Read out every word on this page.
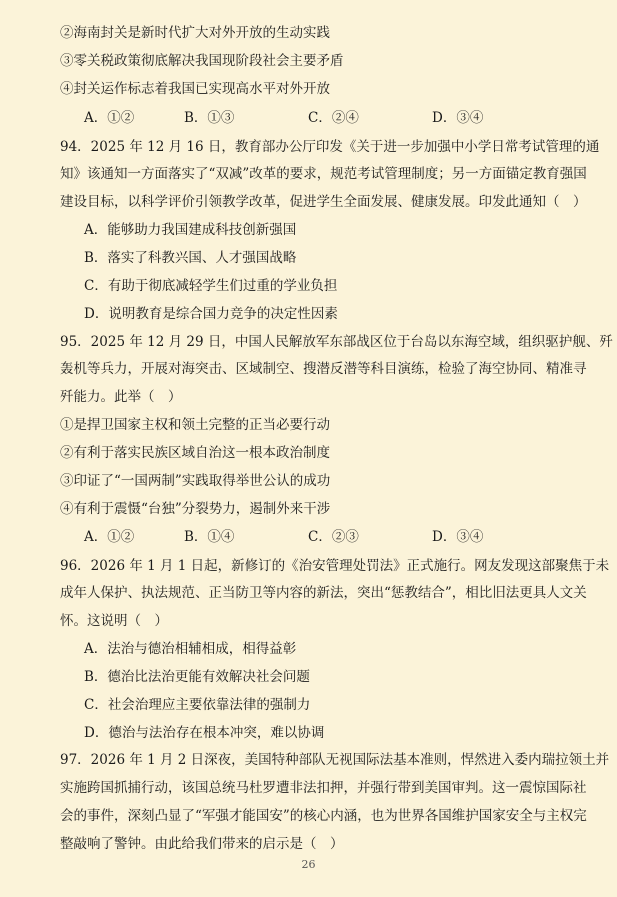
②海南封关是新时代扩大对外开放的生动实践
③零关税政策彻底解决我国现阶段社会主要矛盾
④封关运作标志着我国已实现高水平对外开放
A．①②	B．①③	C．②④	D．③④
94．2025 年 12 月 16 日，教育部办公厅印发《关于进一步加强中小学日常考试管理的通
知》该通知一方面落实了“双减”改革的要求，规范考试管理制度；另一方面锚定教育强国
建设目标，以科学评价引领教学改革，促进学生全面发展、健康发展。印发此通知（　）
A．能够助力我国建成科技创新强国
B．落实了科教兴国、人才强国战略
C．有助于彻底减轻学生们过重的学业负担
D．说明教育是综合国力竞争的决定性因素
95．2025 年 12 月 29 日，中国人民解放军东部战区位于台岛以东海空域，组织驱护舰、歼
轰机等兵力，开展对海突击、区域制空、搜潜反潜等科目演练，检验了海空协同、精准寻
歼能力。此举（　）
①是捍卫国家主权和领土完整的正当必要行动
②有利于落实民族区域自治这一根本政治制度
③印证了“一国两制”实践取得举世公认的成功
④有利于震慑“台独”分裂势力，遏制外来干涉
A．①②	B．①④	C．②③	D．③④
96．2026 年 1 月 1 日起，新修订的《治安管理处罚法》正式施行。网友发现这部聚焦于未
成年人保护、执法规范、正当防卫等内容的新法，突出“惩教结合”，相比旧法更具人文关
怀。这说明（　）
A．法治与德治相辅相成，相得益彰
B．德治比法治更能有效解决社会问题
C．社会治理应主要依靠法律的强制力
D．德治与法治存在根本冲突，难以协调
97．2026 年 1 月 2 日深夜，美国特种部队无视国际法基本准则，悍然进入委内瑞拉领土并
实施跨国抓捕行动，该国总统马杜罗遭非法扣押，并强行带到美国审判。这一震惊国际社
会的事件，深刻凸显了“军强才能国安”的核心内涵，也为世界各国维护国家安全与主权完
整敲响了警钟。由此给我们带来的启示是（　）
26
